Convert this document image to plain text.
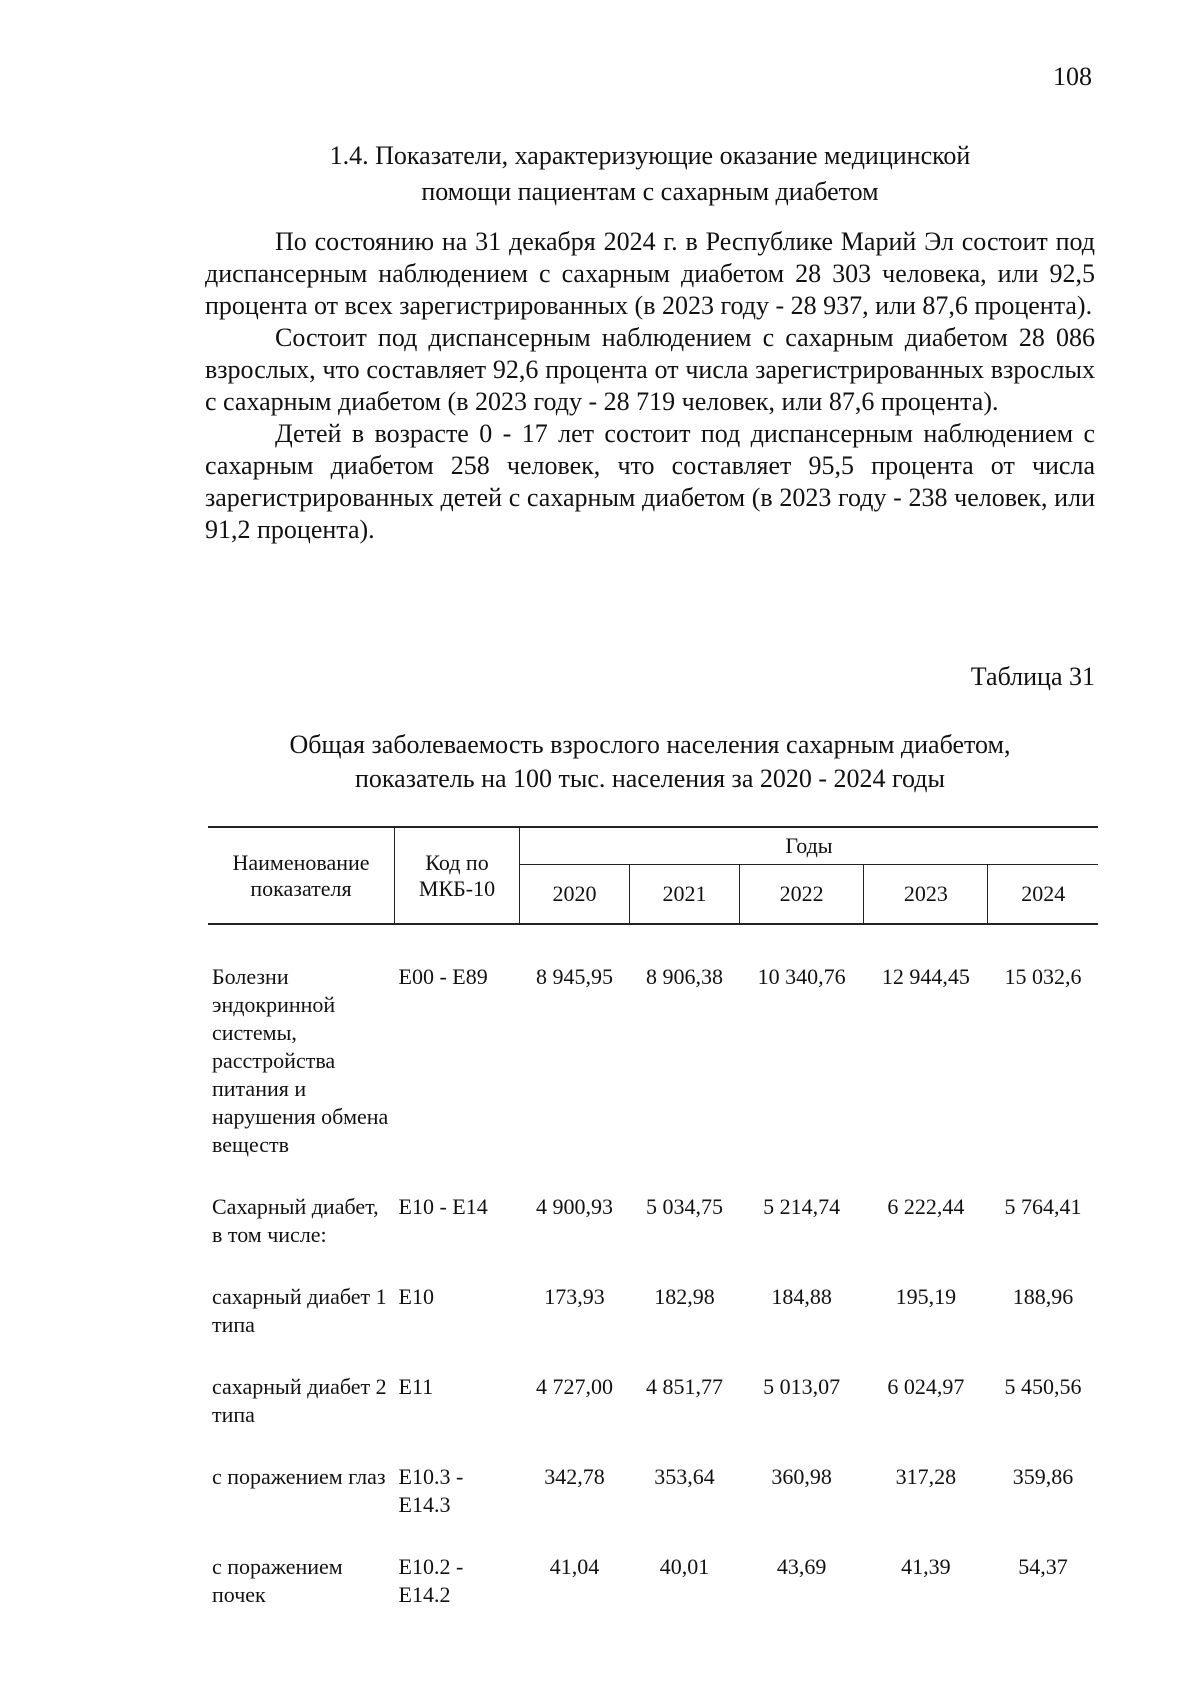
108
1.4. Показатели, характеризующие оказание медицинской
помощи пациентам с сахарным диабетом

По состоянию на 31 декабря 2024 г. в Республике Марий Эл состоит под диспансерным наблюдением с сахарным диабетом 28 303 человека, или 92,5 процента от всех зарегистрированных (в 2023 году - 28 937, или 87,6 процента).

Состоит под диспансерным наблюдением с сахарным диабетом 28 086 взрослых, что составляет 92,6 процента от числа зарегистрированных взрослых с сахарным диабетом (в 2023 году - 28 719 человек, или 87,6 процента).

Детей в возрасте 0 - 17 лет состоит под диспансерным наблюдением с сахарным диабетом 258 человек, что составляет 95,5 процента от числа зарегистрированных детей с сахарным диабетом (в 2023 году - 238 человек, или 91,2 процента).

Таблица 31
Общая заболеваемость взрослого населения сахарным диабетом,
показатель на 100 тыс. населения за 2020 - 2024 годы
Наименование показателя	Код по МКБ-10	Годы				
		2020	2021	2022	2023	2024

Болезни эндокринной системы, расстройства питания и нарушения обмена веществ	E00 - E89	8 945,95	8 906,38	10 340,76	12 944,45	15 032,6

Сахарный диабет, в том числе:	E10 - E14	4 900,93	5 034,75	5 214,74	6 222,44	5 764,41

сахарный диабет 1 типа	E10	173,93	182,98	184,88	195,19	188,96

сахарный диабет 2 типа	E11	4 727,00	4 851,77	5 013,07	6 024,97	5 450,56

с поражением глаз	E10.3 - E14.3	342,78	353,64	360,98	317,28	359,86

с поражением почек	E10.2 - E14.2	41,04	40,01	43,69	41,39	54,37
